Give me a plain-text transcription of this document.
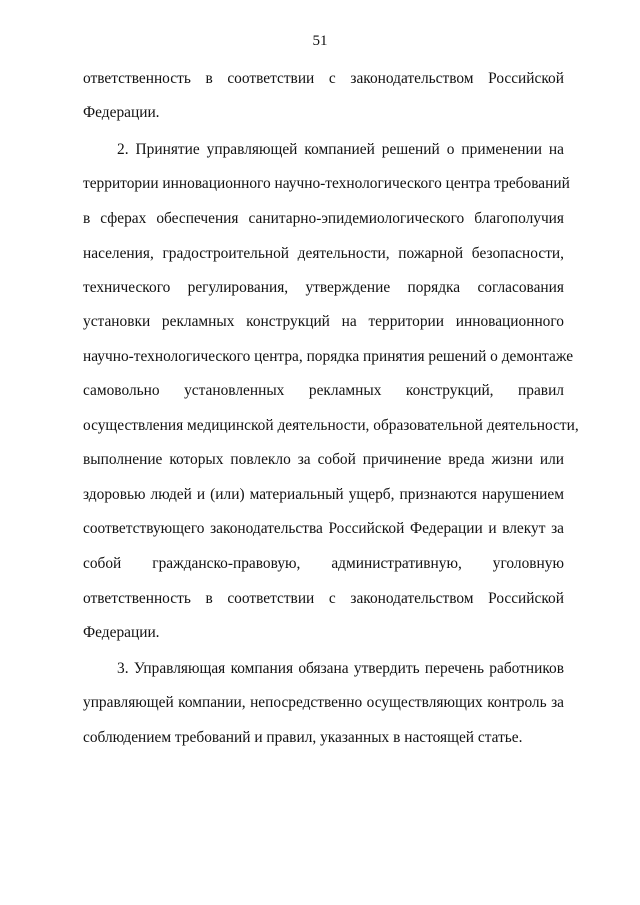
51
ответственность в соответствии с законодательством Российской
Федерации.
2. Принятие управляющей компанией решений о применении на
территории инновационного научно-технологического центра требований
в сферах обеспечения санитарно-эпидемиологического благополучия
населения, градостроительной деятельности, пожарной безопасности,
технического регулирования, утверждение порядка согласования
установки рекламных конструкций на территории инновационного
научно-технологического центра, порядка принятия решений о демонтаже
самовольно установленных рекламных конструкций, правил
осуществления медицинской деятельности, образовательной деятельности,
выполнение которых повлекло за собой причинение вреда жизни или
здоровью людей и (или) материальный ущерб, признаются нарушением
соответствующего законодательства Российской Федерации и влекут за
собой гражданско-правовую, административную, уголовную
ответственность в соответствии с законодательством Российской
Федерации.
3. Управляющая компания обязана утвердить перечень работников
управляющей компании, непосредственно осуществляющих контроль за
соблюдением требований и правил, указанных в настоящей статье.
